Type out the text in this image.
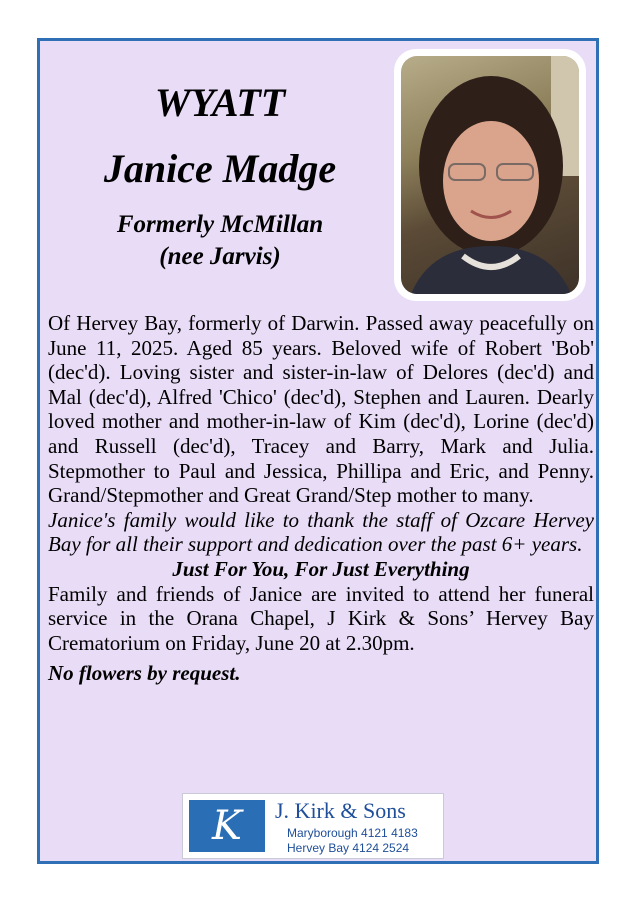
WYATT
Janice Madge
Formerly McMillan
(nee Jarvis)

Of Hervey Bay, formerly of Darwin. Passed away peacefully on June 11, 2025. Aged 85 years. Beloved wife of Robert 'Bob' (dec'd). Loving sister and sister-in-law of Delores (dec'd) and Mal (dec'd), Alfred 'Chico' (dec'd), Stephen and Lauren. Dearly loved mother and mother-in-law of Kim (dec'd), Lorine (dec'd) and Russell (dec'd), Tracey and Barry, Mark and Julia. Stepmother to Paul and Jessica, Phillipa and Eric, and Penny. Grand/Stepmother and Great Grand/Step mother to many.

Janice's family would like to thank the staff of Ozcare Hervey Bay for all their support and dedication over the past 6+ years.

Just For You, For Just Everything

Family and friends of Janice are invited to attend her funeral service in the Orana Chapel, J Kirk & Sons’ Hervey Bay Crematorium on Friday, June 20 at 2.30pm.

No flowers by request.

K J. Kirk & Sons
Maryborough 4121 4183
Hervey Bay 4124 2524
